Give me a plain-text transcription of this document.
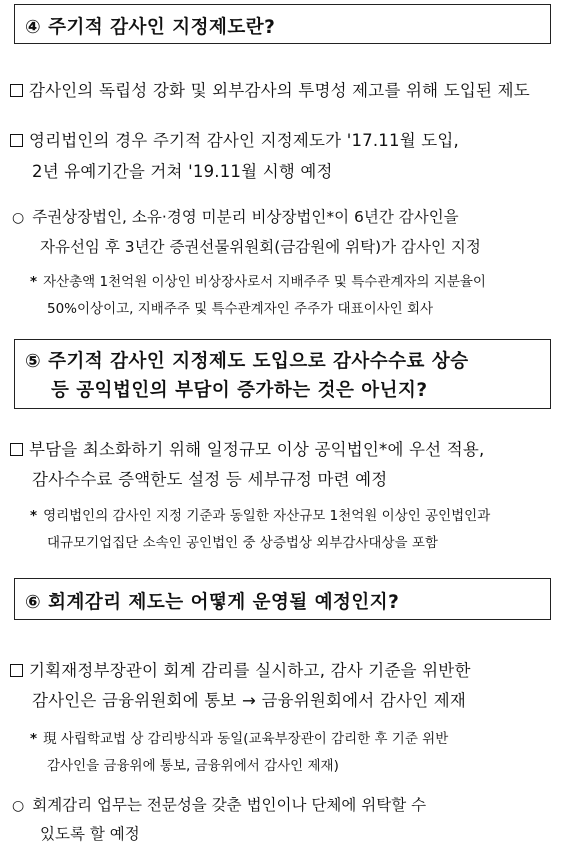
④ 주기적 감사인 지정제도란?
감사인의 독립성 강화 및 외부감사의 투명성 제고를 위해 도입된 제도
영리법인의 경우 주기적 감사인 지정제도가 '17.11월 도입,
2년 유예기간을 거쳐 '19.11월 시행 예정
○ 주권상장법인, 소유·경영 미분리 비상장법인*이 6년간 감사인을
자유선임 후 3년간 증권선물위원회(금감원에 위탁)가 감사인 지정
* 자산총액 1천억원 이상인 비상장사로서 지배주주 및 특수관계자의 지분율이
50%이상이고, 지배주주 및 특수관계자인 주주가 대표이사인 회사
⑤ 주기적 감사인 지정제도 도입으로 감사수수료 상승
등 공익법인의 부담이 증가하는 것은 아닌지?
부담을 최소화하기 위해 일정규모 이상 공익법인*에 우선 적용,
감사수수료 증액한도 설정 등 세부규정 마련 예정
* 영리법인의 감사인 지정 기준과 동일한 자산규모 1천억원 이상인 공인법인과
대규모기업집단 소속인 공인법인 중 상증법상 외부감사대상을 포함
⑥ 회계감리 제도는 어떻게 운영될 예정인지?
기획재정부장관이 회계 감리를 실시하고, 감사 기준을 위반한
감사인은 금융위원회에 통보 → 금융위원회에서 감사인 제재
* 現 사립학교법 상 감리방식과 동일(교육부장관이 감리한 후 기준 위반
감사인을 금융위에 통보, 금융위에서 감사인 제재)
○ 회계감리 업무는 전문성을 갖춘 법인이나 단체에 위탁할 수
있도록 할 예정
